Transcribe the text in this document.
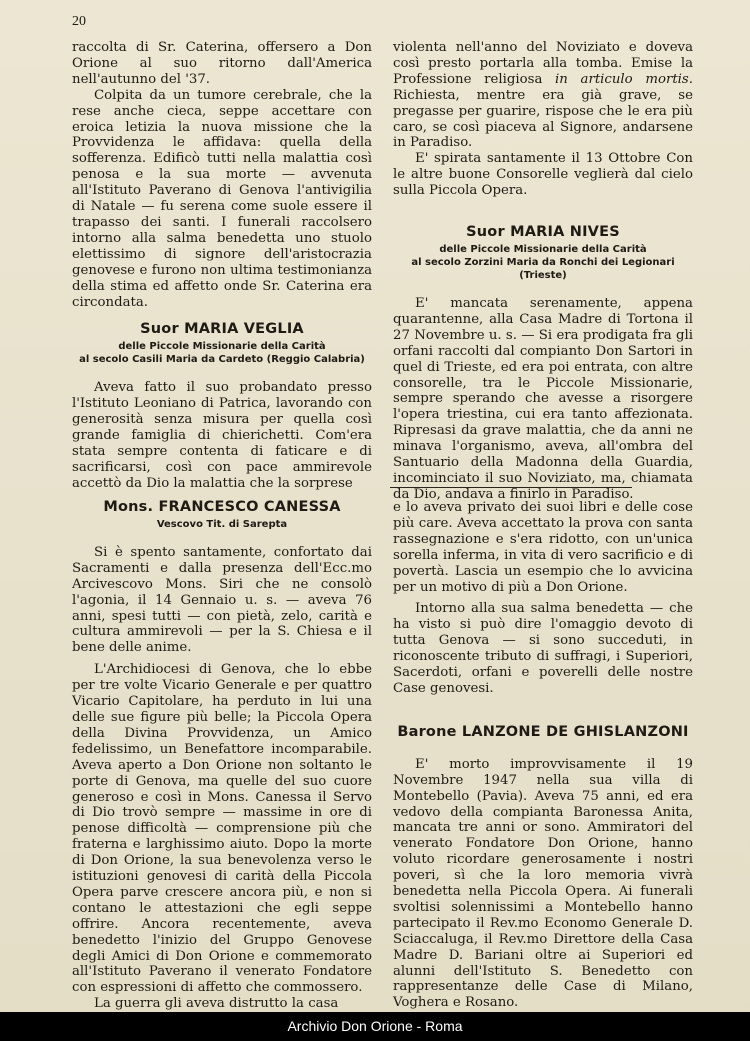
20

raccolta di Sr. Caterina, offersero a Don Orione al suo ritorno dall'America nell'autunno del '37.

Colpita da un tumore cerebrale, che la rese anche cieca, seppe accettare con eroica letizia la nuova missione che la Provvidenza le affidava: quella della sofferenza. Edificò tutti nella malattia così penosa e la sua morte — avvenuta all'Istituto Paverano di Genova l'antivigilia di Natale — fu serena come suole essere il trapasso dei santi. I funerali raccolsero intorno alla salma benedetta uno stuolo elettissimo di signore dell'aristocrazia genovese e furono non ultima testimonianza della stima ed affetto onde Sr. Caterina era circondata.

Suor MARIA VEGLIA
delle Piccole Missionarie della Carità
al secolo Casili Maria da Cardeto (Reggio Calabria)

Aveva fatto il suo probandato presso l'Istituto Leoniano di Patrica, lavorando con generosità senza misura per quella così grande famiglia di chierichetti. Com'era stata sempre contenta di faticare e di sacrificarsi, così con pace ammirevole accettò da Dio la malattia che la sorprese

violenta nell'anno del Noviziato e doveva così presto portarla alla tomba. Emise la Professione religiosa in articulo mortis. Richiesta, mentre era già grave, se pregasse per guarire, rispose che le era più caro, se così piaceva al Signore, andarsene in Paradiso.

E' spirata santamente il 13 Ottobre Con le altre buone Consorelle veglierà dal cielo sulla Piccola Opera.

Suor MARIA NIVES
delle Piccole Missionarie della Carità
al secolo Zorzini Maria da Ronchi dei Legionari (Trieste)

E' mancata serenamente, appena quarantenne, alla Casa Madre di Tortona il 27 Novembre u. s. — Si era prodigata fra gli orfani raccolti dal compianto Don Sartori in quel di Trieste, ed era poi entrata, con altre consorelle, tra le Piccole Missionarie, sempre sperando che avesse a risorgere l'opera triestina, cui era tanto affezionata. Ripresasi da grave malattia, che da anni ne minava l'organismo, aveva, all'ombra del Santuario della Madonna della Guardia, incominciato il suo Noviziato, ma, chiamata da Dio, andava a finirlo in Paradiso.

Mons. FRANCESCO CANESSA
Vescovo Tit. di Sarepta

Si è spento santamente, confortato dai Sacramenti e dalla presenza dell'Ecc.mo Arcivescovo Mons. Siri che ne consolò l'agonia, il 14 Gennaio u. s. — aveva 76 anni, spesi tutti — con pietà, zelo, carità e cultura ammirevoli — per la S. Chiesa e il bene delle anime.

L'Archidiocesi di Genova, che lo ebbe per tre volte Vicario Generale e per quattro Vicario Capitolare, ha perduto in lui una delle sue figure più belle; la Piccola Opera della Divina Provvidenza, un Amico fedelissimo, un Benefattore incomparabile. Aveva aperto a Don Orione non soltanto le porte di Genova, ma quelle del suo cuore generoso e così in Mons. Canessa il Servo di Dio trovò sempre — massime in ore di penose difficoltà — comprensione più che fraterna e larghissimo aiuto. Dopo la morte di Don Orione, la sua benevolenza verso le istituzioni genovesi di carità della Piccola Opera parve crescere ancora più, e non si contano le attestazioni che egli seppe offrire. Ancora recentemente, aveva benedetto l'inizio del Gruppo Genovese degli Amici di Don Orione e commemorato all'Istituto Paverano il venerato Fondatore con espressioni di affetto che commossero.

La guerra gli aveva distrutto la casa

e lo aveva privato dei suoi libri e delle cose più care. Aveva accettato la prova con santa rassegnazione e s'era ridotto, con un'unica sorella inferma, in vita di vero sacrificio e di povertà. Lascia un esempio che lo avvicina per un motivo di più a Don Orione.

Intorno alla sua salma benedetta — che ha visto si può dire l'omaggio devoto di tutta Genova — si sono succeduti, in riconoscente tributo di suffragi, i Superiori, Sacerdoti, orfani e poverelli delle nostre Case genovesi.

Barone LANZONE DE GHISLANZONI

E' morto improvvisamente il 19 Novembre 1947 nella sua villa di Montebello (Pavia). Aveva 75 anni, ed era vedovo della compianta Baronessa Anita, mancata tre anni or sono. Ammiratori del venerato Fondatore Don Orione, hanno voluto ricordare generosamente i nostri poveri, sì che la loro memoria vivrà benedetta nella Piccola Opera. Ai funerali svoltisi solennissimi a Montebello hanno partecipato il Rev.mo Economo Generale D. Sciaccaluga, il Rev.mo Direttore della Casa Madre D. Bariani oltre ai Superiori ed alunni dell'Istituto S. Benedetto con rappresentanze delle Case di Milano, Voghera e Rosano.

Archivio Don Orione - Roma
